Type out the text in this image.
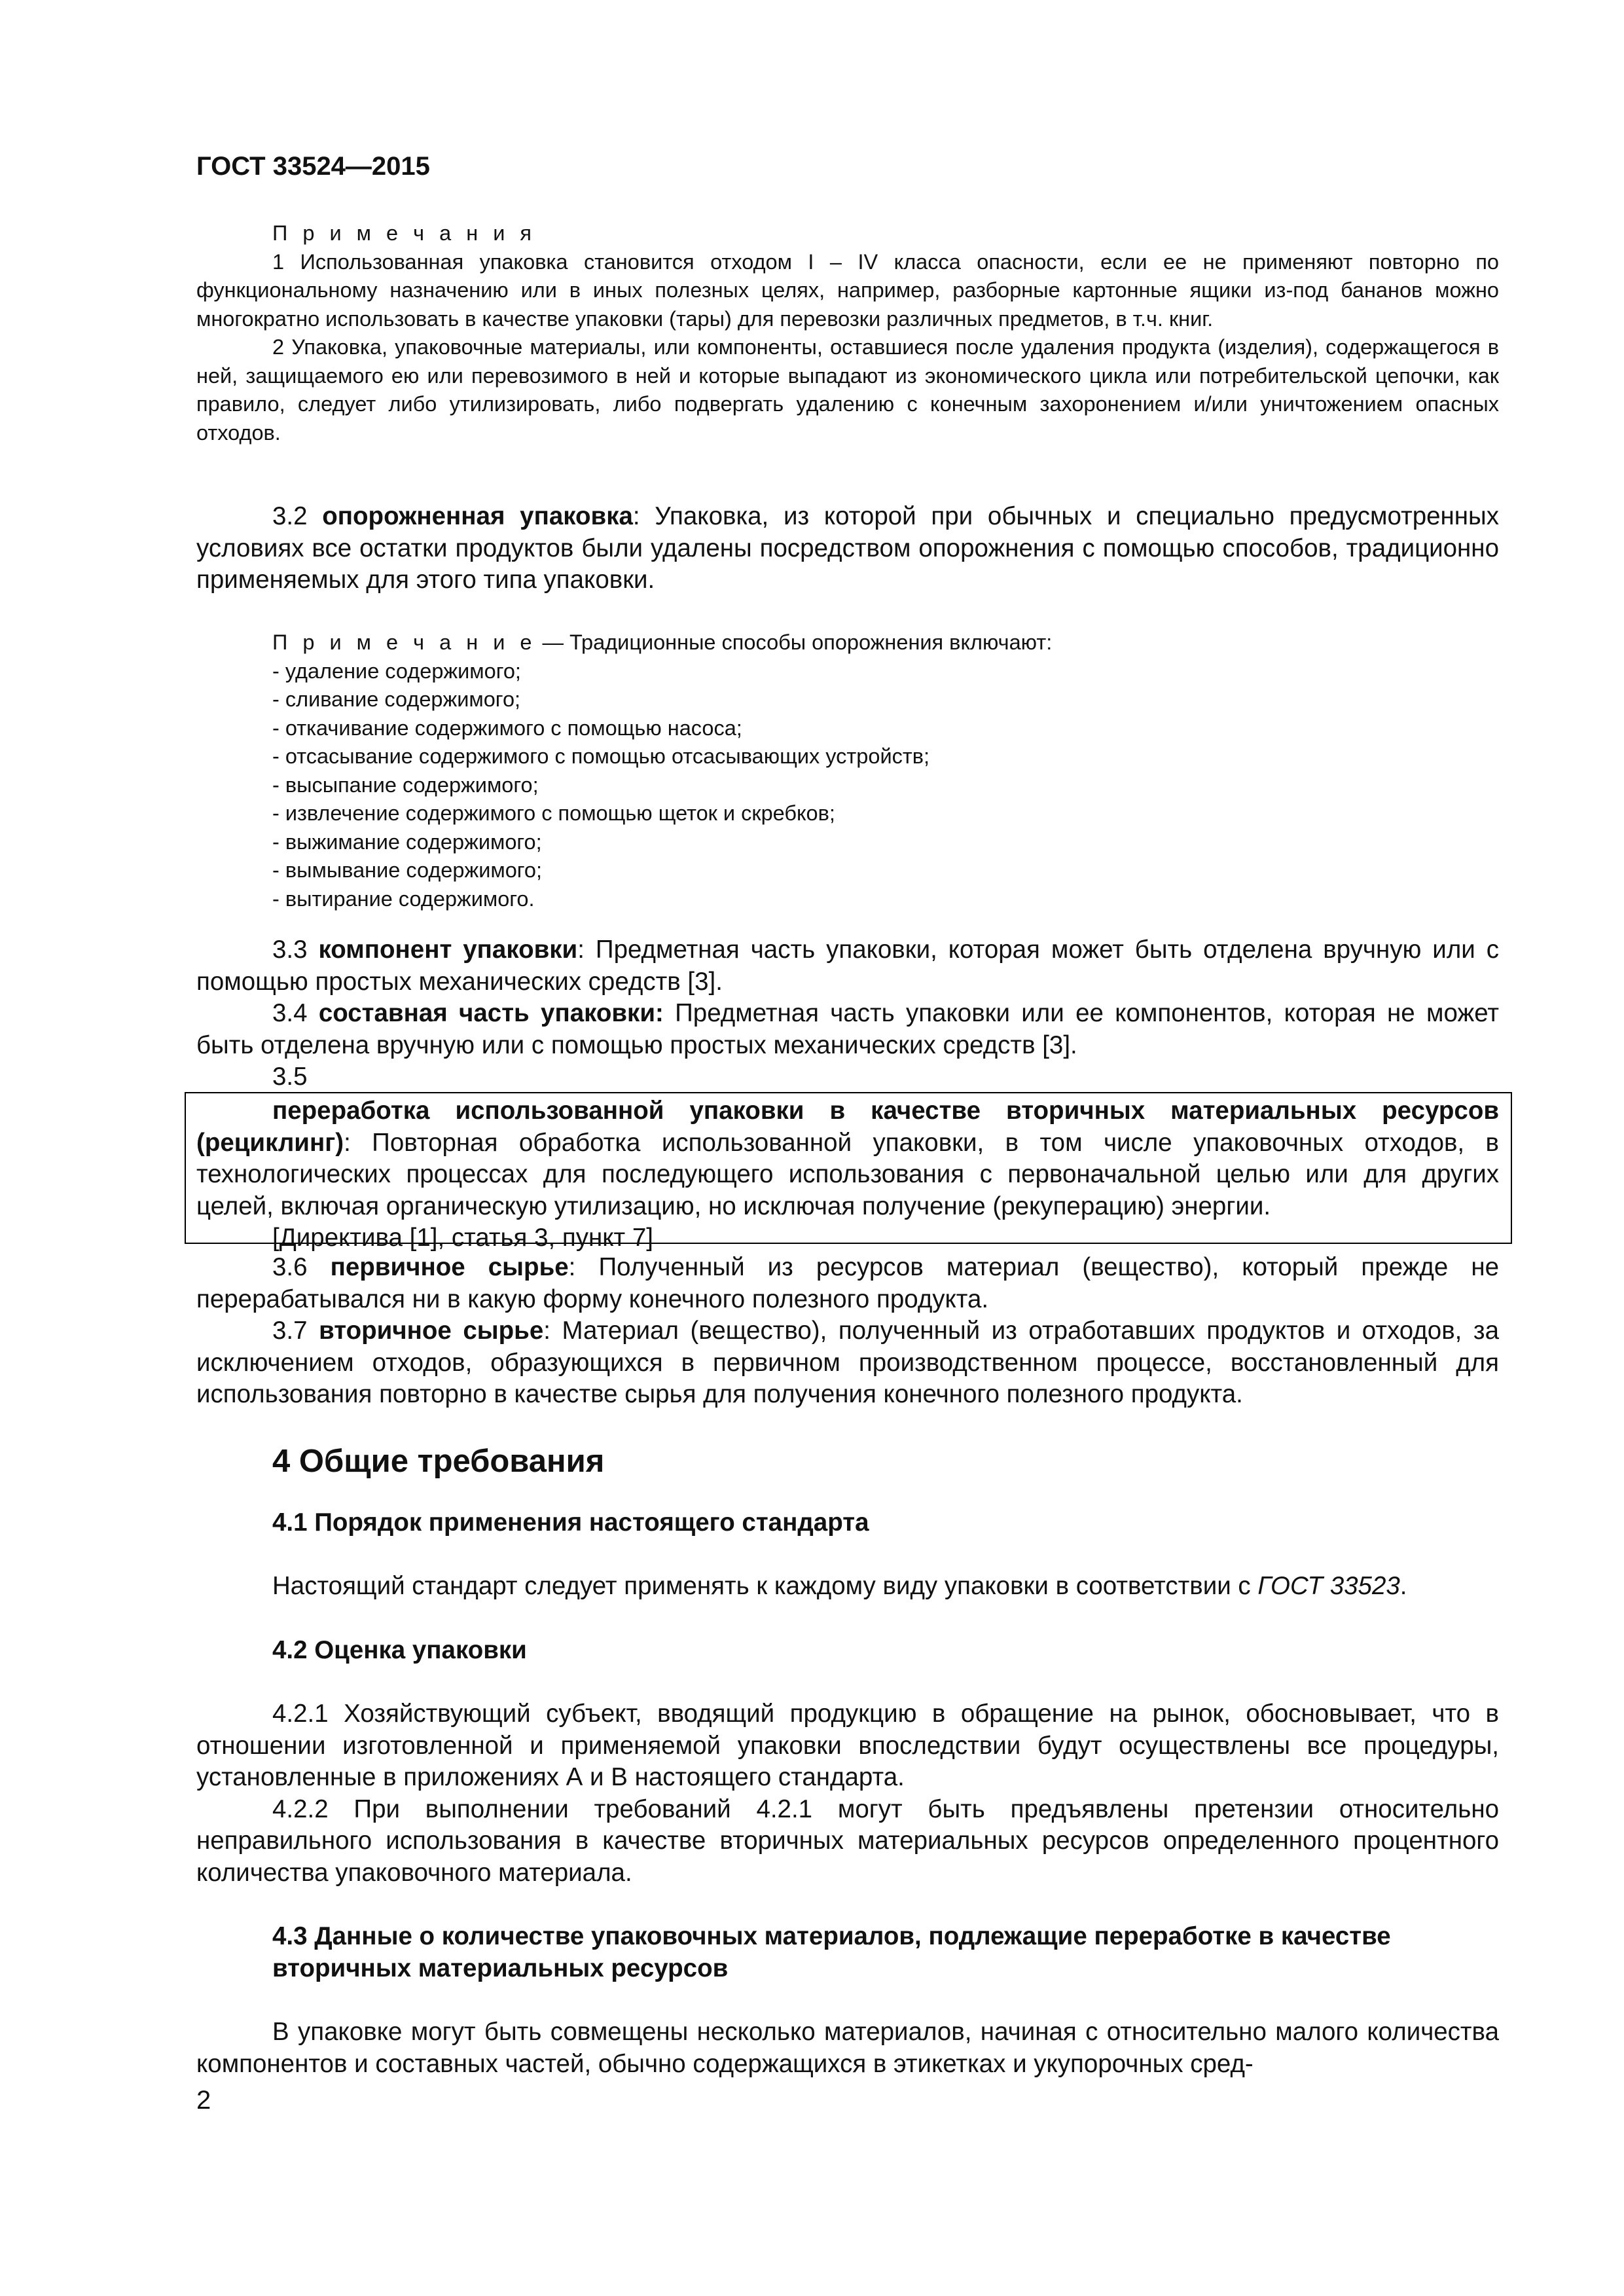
ГОСТ 33524—2015

П р и м е ч а н и я

1 Использованная упаковка становится отходом I – IV класса опасности, если ее не применяют повторно по функциональному назначению или в иных полезных целях, например, разборные картонные ящики из-под бананов можно многократно использовать в качестве упаковки (тары) для перевозки различных предметов, в т.ч. книг.

2 Упаковка, упаковочные материалы, или компоненты, оставшиеся после удаления продукта (изделия), содержащегося в ней, защищаемого ею или перевозимого в ней и которые выпадают из экономического цикла или потребительской цепочки, как правило, следует либо утилизировать, либо подвергать удалению с конечным захоронением и/или уничтожением опасных отходов.

3.2 опорожненная упаковка: Упаковка, из которой при обычных и специально предусмотренных условиях все остатки продуктов были удалены посредством опорожнения с помощью способов, традиционно применяемых для этого типа упаковки.

П р и м е ч а н и е — Традиционные способы опорожнения включают:

- удаление содержимого;
- сливание содержимого;
- откачивание содержимого с помощью насоса;
- отсасывание содержимого с помощью отсасывающих устройств;
- высыпание содержимого;
- извлечение содержимого с помощью щеток и скребков;
- выжимание содержимого;
- вымывание содержимого;
- вытирание содержимого.

3.3 компонент упаковки: Предметная часть упаковки, которая может быть отделена вручную или с помощью простых механических средств [3].

3.4 составная часть упаковки: Предметная часть упаковки или ее компонентов, которая не может быть отделена вручную или с помощью простых механических средств [3].

3.5

переработка использованной упаковки в качестве вторичных материальных ресурсов (рециклинг): Повторная обработка использованной упаковки, в том числе упаковочных отходов, в технологических процессах для последующего использования с первоначальной целью или для других целей, включая органическую утилизацию, но исключая получение (рекуперацию) энергии.

[Директива [1], статья 3, пункт 7]

3.6 первичное сырье: Полученный из ресурсов материал (вещество), который прежде не перерабатывался ни в какую форму конечного полезного продукта.

3.7 вторичное сырье: Материал (вещество), полученный из отработавших продуктов и отходов, за исключением отходов, образующихся в первичном производственном процессе, восстановленный для использования повторно в качестве сырья для получения конечного полезного продукта.

4 Общие требования
4.1 Порядок применения настоящего стандарта

Настоящий стандарт следует применять к каждому виду упаковки в соответствии с ГОСТ 33523.

4.2 Оценка упаковки

4.2.1 Хозяйствующий субъект, вводящий продукцию в обращение на рынок, обосновывает, что в отношении изготовленной и применяемой упаковки впоследствии будут осуществлены все процедуры, установленные в приложениях А и В настоящего стандарта.

4.2.2 При выполнении требований 4.2.1 могут быть предъявлены претензии относительно неправильного использования в качестве вторичных материальных ресурсов определенного процентного количества упаковочного материала.

4.3 Данные о количестве упаковочных материалов, подлежащие переработке в качестве вторичных материальных ресурсов

В упаковке могут быть совмещены несколько материалов, начиная с относительно малого количества компонентов и составных частей, обычно содержащихся в этикетках и укупорочных сред-

2
